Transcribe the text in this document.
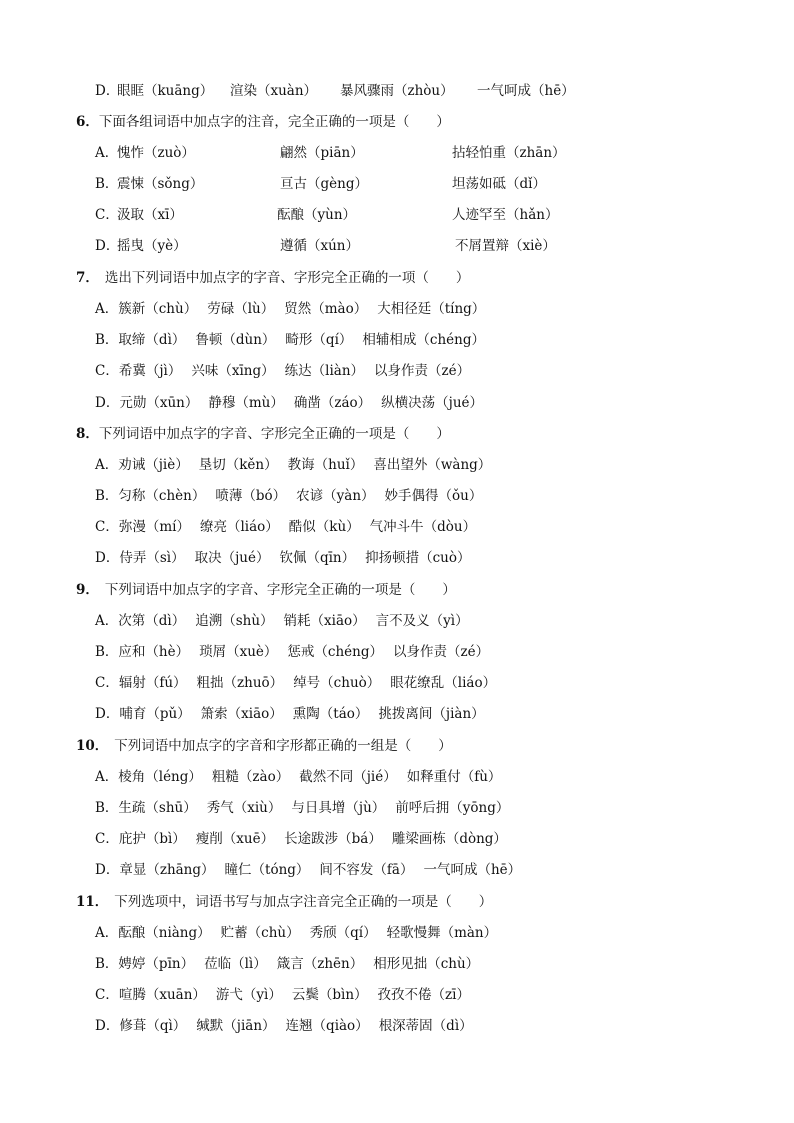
D．
眼眶（kuāng） 渲染（xuàn） 暴风骤雨（zhòu） 一气呵成（hē）
6．下面各组词语中加点字的注音，完全正确的一项是（　　）
A．
愧怍（zuò）	翩然（piān）	拈轻怕重（zhān）
B．
震悚（sǒng）	亘古（gèng）	坦荡如砥（dǐ）
C．
汲取（xī）	酝酿（yùn）	人迹罕至（hǎn）
D．
摇曳（yè）	遵循（xún）	不屑置辩（xiè）
7． 选出下列词语中加点字的字音、字形完全正确的一项（　　）
A．簇新（chù） 劳碌（lù） 贸然（mào） 大相径廷（tíng）
B．取缔（dì） 鲁顿（dùn） 畸形（qí） 相辅相成（chéng）
C．希冀（jì） 兴味（xīng） 练达（liàn） 以身作责（zé）
D．元勋（xūn） 静穆（mù） 确凿（záo） 纵横决荡（jué）
8．下列词语中加点字的字音、字形完全正确的一项是（　　）
A．劝诫（jiè） 垦切（kěn） 教诲（huǐ） 喜出望外（wàng）
B．匀称（chèn） 喷薄（bó） 农谚（yàn） 妙手偶得（ǒu）
C．弥漫（mí） 缭亮（liáo） 酷似（kù） 气冲斗牛（dòu）
D．侍弄（sì） 取决（jué） 钦佩（qīn） 抑扬顿措（cuò）
9． 下列词语中加点字的字音、字形完全正确的一项是（　　）
A．次第（dì） 追溯（shù） 销耗（xiāo） 言不及义（yì）
B．应和（hè） 琐屑（xuè） 惩戒（chéng） 以身作责（zé）
C．辐射（fú） 粗拙（zhuō） 绰号（chuò） 眼花缭乱（liáo）
D．哺育（pǔ） 箫索（xiāo） 熏陶（táo） 挑拨离间（jiàn）
10． 下列词语中加点字的字音和字形都正确的一组是（　　）
A．棱角（léng） 粗糙（zào） 截然不同（jié） 如释重付（fù）
B．生疏（shū） 秀气（xiù） 与日具增（jù） 前呼后拥（yōng）
C．庇护（bì） 瘦削（xuē） 长途跋涉（bá） 雕梁画栋（dòng）
D．章显（zhāng） 瞳仁（tóng） 间不容发（fā） 一气呵成（hē）
11． 下列选项中，词语书写与加点字注音完全正确的一项是（　　）
A．酝酿（niàng） 贮蓄（chù） 秀颀（qí） 轻歌慢舞（màn）
B．娉婷（pīn） 莅临（lì） 箴言（zhēn） 相形见拙（chù）
C．喧腾（xuān） 游弋（yì） 云鬓（bìn） 孜孜不倦（zī）
D．修葺（qì） 缄默（jiān） 连翘（qiào） 根深蒂固（dì）
